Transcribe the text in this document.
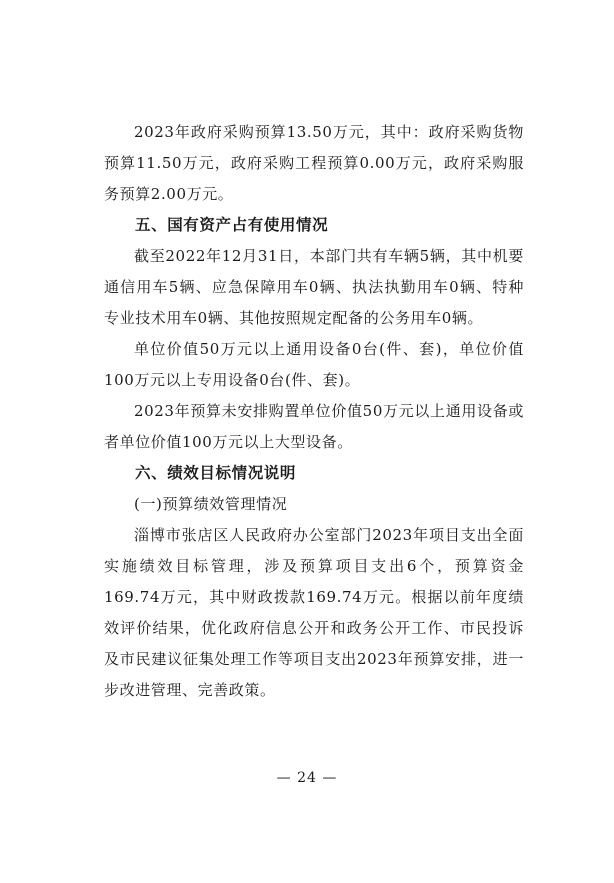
2023年政府采购预算13.50万元，其中：政府采购货物预算11.50万元，政府采购工程预算0.00万元，政府采购服务预算2.00万元。

五、国有资产占有使用情况

截至2022年12月31日，本部门共有车辆5辆，其中机要通信用车5辆、应急保障用车0辆、执法执勤用车0辆、特种专业技术用车0辆、其他按照规定配备的公务用车0辆。

单位价值50万元以上通用设备0台(件、套)，单位价值100万元以上专用设备0台(件、套)。

2023年预算未安排购置单位价值50万元以上通用设备或者单位价值100万元以上大型设备。

六、绩效目标情况说明
(一)预算绩效管理情况

淄博市张店区人民政府办公室部门2023年项目支出全面实施绩效目标管理，涉及预算项目支出6个，预算资金169.74万元，其中财政拨款169.74万元。根据以前年度绩效评价结果，优化政府信息公开和政务公开工作、市民投诉及市民建议征集处理工作等项目支出2023年预算安排，进一步改进管理、完善政策。

— 24 —
